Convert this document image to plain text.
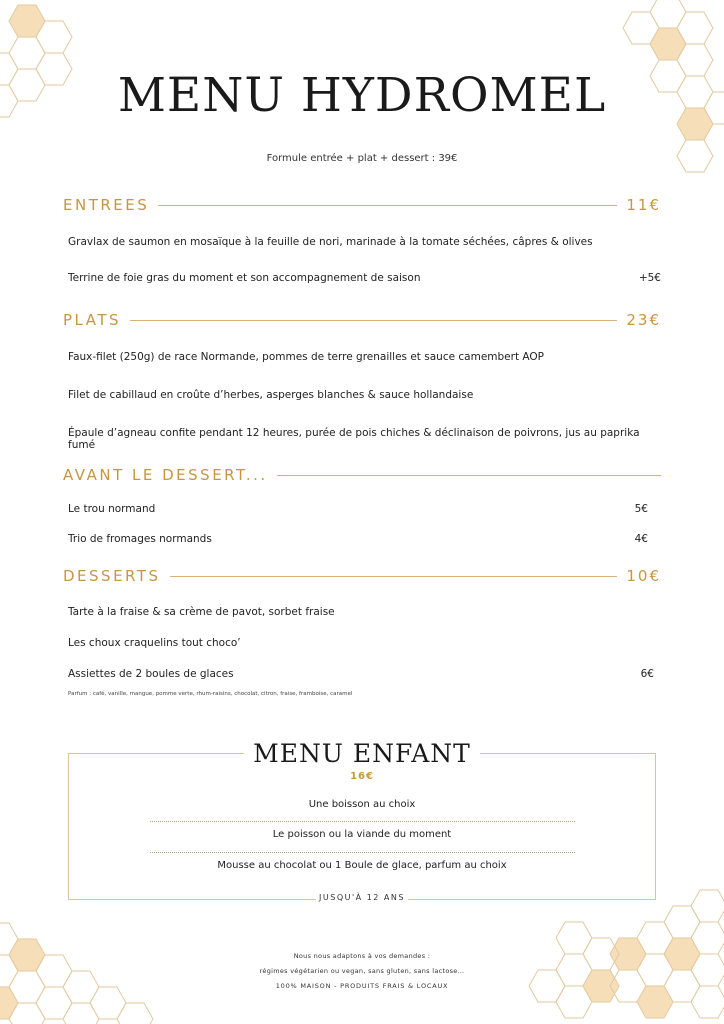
MENU HYDROMEL
Formule entrée + plat + dessert : 39€
ENTREES	11€
Gravlax de saumon en mosaïque à la feuille de nori, marinade à la tomate séchées, câpres & olives
Terrine de foie gras du moment et son accompagnement de saison	+5€
PLATS	23€
Faux-filet (250g) de race Normande, pommes de terre grenailles et sauce camembert AOP
Filet de cabillaud en croûte d’herbes, asperges blanches & sauce hollandaise
Épaule d’agneau confite pendant 12 heures, purée de pois chiches & déclinaison de poivrons, jus au paprika fumé
AVANT LE DESSERT...
Le trou normand	5€
Trio de fromages normands	4€
DESSERTS	10€
Tarte à la fraise & sa crème de pavot, sorbet fraise
Les choux craquelins tout choco’
Assiettes de 2 boules de glaces	6€
Parfum : café, vanille, mangue, pomme verte, rhum-raisins, chocolat, citron, fraise, framboise, caramel
MENU ENFANT
16€
Une boisson au choix
Le poisson ou la viande du moment
Mousse au chocolat ou 1 Boule de glace, parfum au choix
JUSQU'À 12 ANS
Nous nous adaptons à vos demandes :
régimes végétarien ou vegan, sans gluten, sans lactose…
100% MAISON - PRODUITS FRAIS & LOCAUX
